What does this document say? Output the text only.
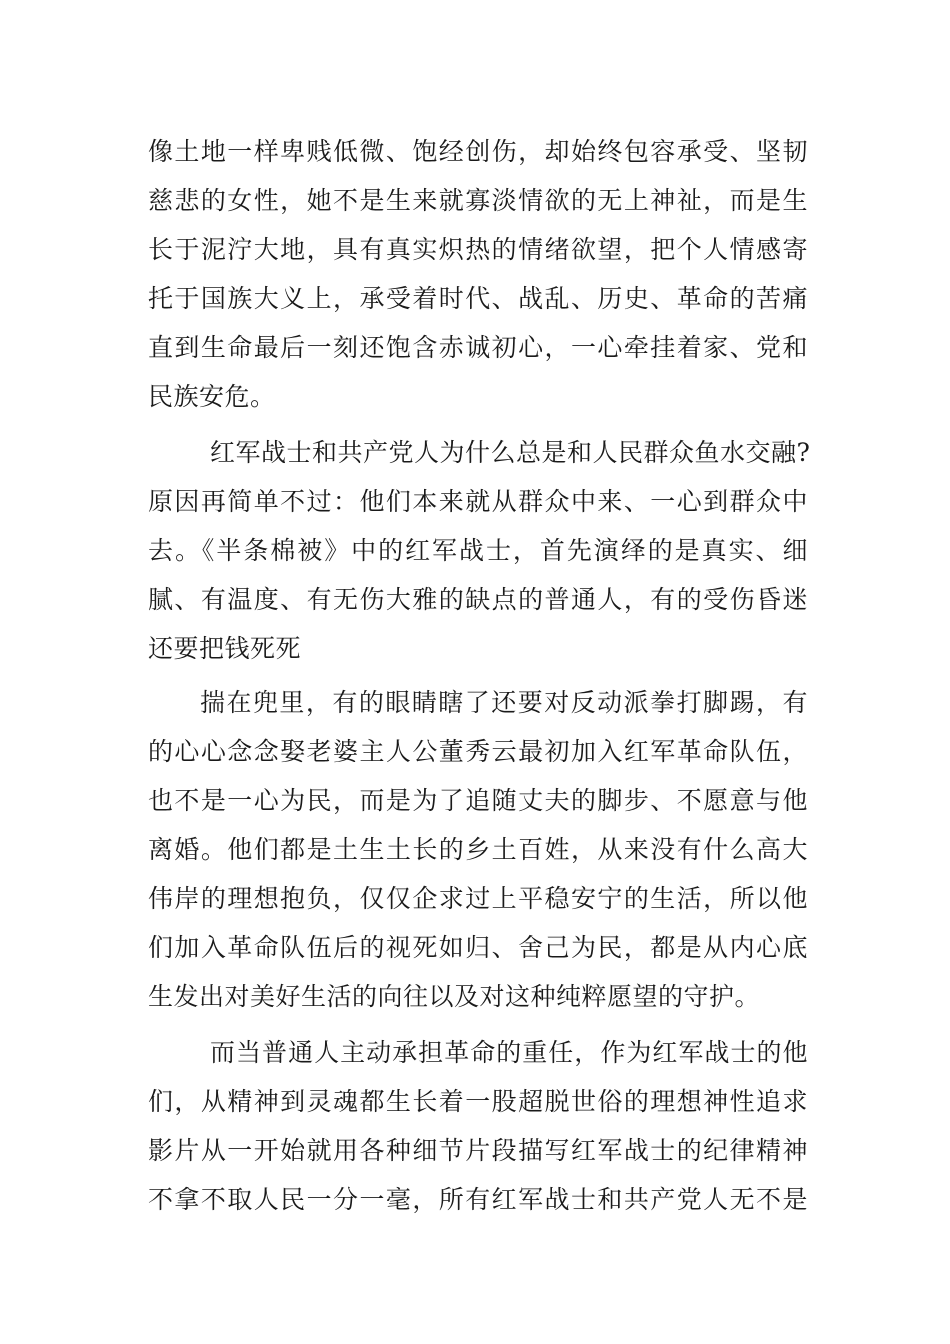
像土地一样卑贱低微、饱经创伤，却始终包容承受、坚韧
慈悲的女性，她不是生来就寡淡情欲的无上神祉，而是生
长于泥泞大地，具有真实炽热的情绪欲望，把个人情感寄
托于国族大义上，承受着时代、战乱、历史、革命的苦痛
直到生命最后一刻还饱含赤诚初心，一心牵挂着家、党和
民族安危。
红军战士和共产党人为什么总是和人民群众鱼水交融?
原因再简单不过：他们本来就从群众中来、一心到群众中
去。《半条棉被》中的红军战士，首先演绎的是真实、细
腻、有温度、有无伤大雅的缺点的普通人，有的受伤昏迷
还要把钱死死
揣在兜里，有的眼睛瞎了还要对反动派拳打脚踢，有
的心心念念娶老婆主人公董秀云最初加入红军革命队伍，
也不是一心为民，而是为了追随丈夫的脚步、不愿意与他
离婚。他们都是土生土长的乡土百姓，从来没有什么高大
伟岸的理想抱负，仅仅企求过上平稳安宁的生活，所以他
们加入革命队伍后的视死如归、舍己为民，都是从内心底
生发出对美好生活的向往以及对这种纯粹愿望的守护。
而当普通人主动承担革命的重任，作为红军战士的他
们，从精神到灵魂都生长着一股超脱世俗的理想神性追求
影片从一开始就用各种细节片段描写红军战士的纪律精神
不拿不取人民一分一毫，所有红军战士和共产党人无不是
